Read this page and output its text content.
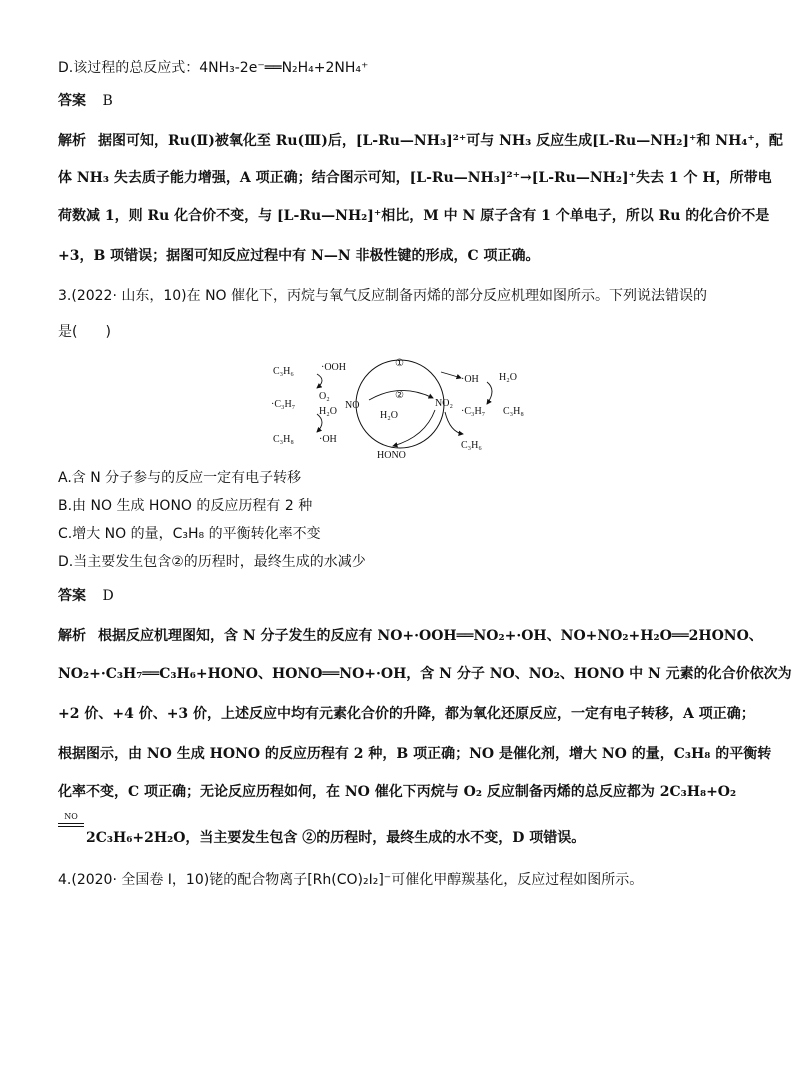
D.该过程的总反应式：4NH₃-2e⁻══N₂H₄+2NH₄⁺
答案 B
解析 据图可知，Ru(Ⅱ)被氧化至 Ru(Ⅲ)后，[L-Ru—NH₃]²⁺可与 NH₃ 反应生成[L-Ru—NH₂]⁺和 NH₄⁺，配
体 NH₃ 失去质子能力增强，A 项正确；结合图示可知，[L-Ru—NH₃]²⁺→[L-Ru—NH₂]⁺失去 1 个 H，所带电
荷数减 1，则 Ru 化合价不变，与 [L-Ru—NH₂]⁺相比，M 中 N 原子含有 1 个单电子，所以 Ru 的化合价不是
+3，B 项错误；据图可知反应过程中有 N—N 非极性键的形成，C 项正确。
3.(2022· 山东，10)在 NO 催化下，丙烷与氧气反应制备丙烯的部分反应机理如图所示。下列说法错误的
是(　　)
C₃H₆	·OOH
O₂
·C₃H₇
H₂O
C₃H₈	·OH
NO
H₂O
NO₂
HONO
C₃H₆
·OH H₂O
·C₃H₇ C₃H₈
①
②
A.含 N 分子参与的反应一定有电子转移
B.由 NO 生成 HONO 的反应历程有 2 种
C.增大 NO 的量，C₃H₈ 的平衡转化率不变
D.当主要发生包含②的历程时，最终生成的水减少
答案 D
解析 根据反应机理图知，含 N 分子发生的反应有 NO+·OOH══NO₂+·OH、NO+NO₂+H₂O══2HONO、
NO₂+·C₃H₇══C₃H₆+HONO、HONO══NO+·OH，含 N 分子 NO、NO₂、HONO 中 N 元素的化合价依次为
+2 价、+4 价、+3 价，上述反应中均有元素化合价的升降，都为氧化还原反应，一定有电子转移，A 项正确；
根据图示，由 NO 生成 HONO 的反应历程有 2 种，B 项正确；NO 是催化剂，增大 NO 的量，C₃H₈ 的平衡转
化率不变，C 项正确；无论反应历程如何，在 NO 催化下丙烷与 O₂ 反应制备丙烯的总反应都为 2C₃H₈+O₂
NO
2C₃H₆+2H₂O，当主要发生包含 ②的历程时，最终生成的水不变，D 项错误。
4.(2020· 全国卷 Ⅰ，10)铑的配合物离子[Rh(CO)₂I₂]⁻可催化甲醇羰基化，反应过程如图所示。
